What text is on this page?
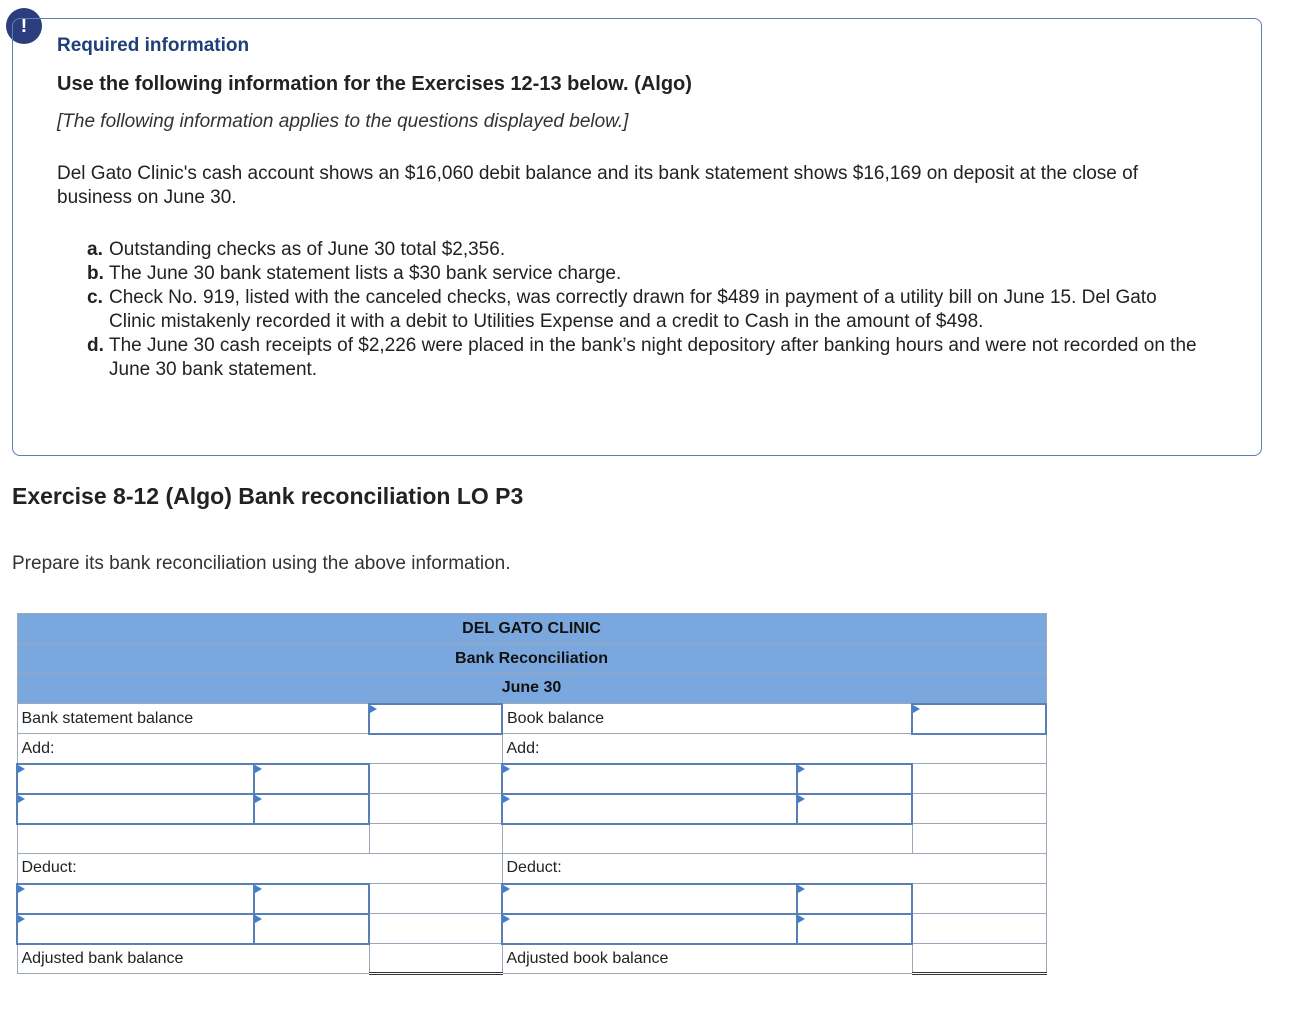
!
Required information
Use the following information for the Exercises 12-13 below. (Algo)
[The following information applies to the questions displayed below.]
Del Gato Clinic's cash account shows an $16,060 debit balance and its bank statement shows $16,169 on deposit at the close of business on June 30.
a. Outstanding checks as of June 30 total $2,356.
b. The June 30 bank statement lists a $30 bank service charge.
c. Check No. 919, listed with the canceled checks, was correctly drawn for $489 in payment of a utility bill on June 15. Del Gato Clinic mistakenly recorded it with a debit to Utilities Expense and a credit to Cash in the amount of $498.
d. The June 30 cash receipts of $2,226 were placed in the bank’s night depository after banking hours and were not recorded on the June 30 bank statement.
Exercise 8-12 (Algo) Bank reconciliation LO P3
Prepare its bank reconciliation using the above information.
DEL GATO CLINIC					
Bank Reconciliation					
June 30					
Bank statement balance			Book balance	
Add:			Add:		

Deduct:			Deduct:		

Adjusted bank balance			Adjusted book balance		
